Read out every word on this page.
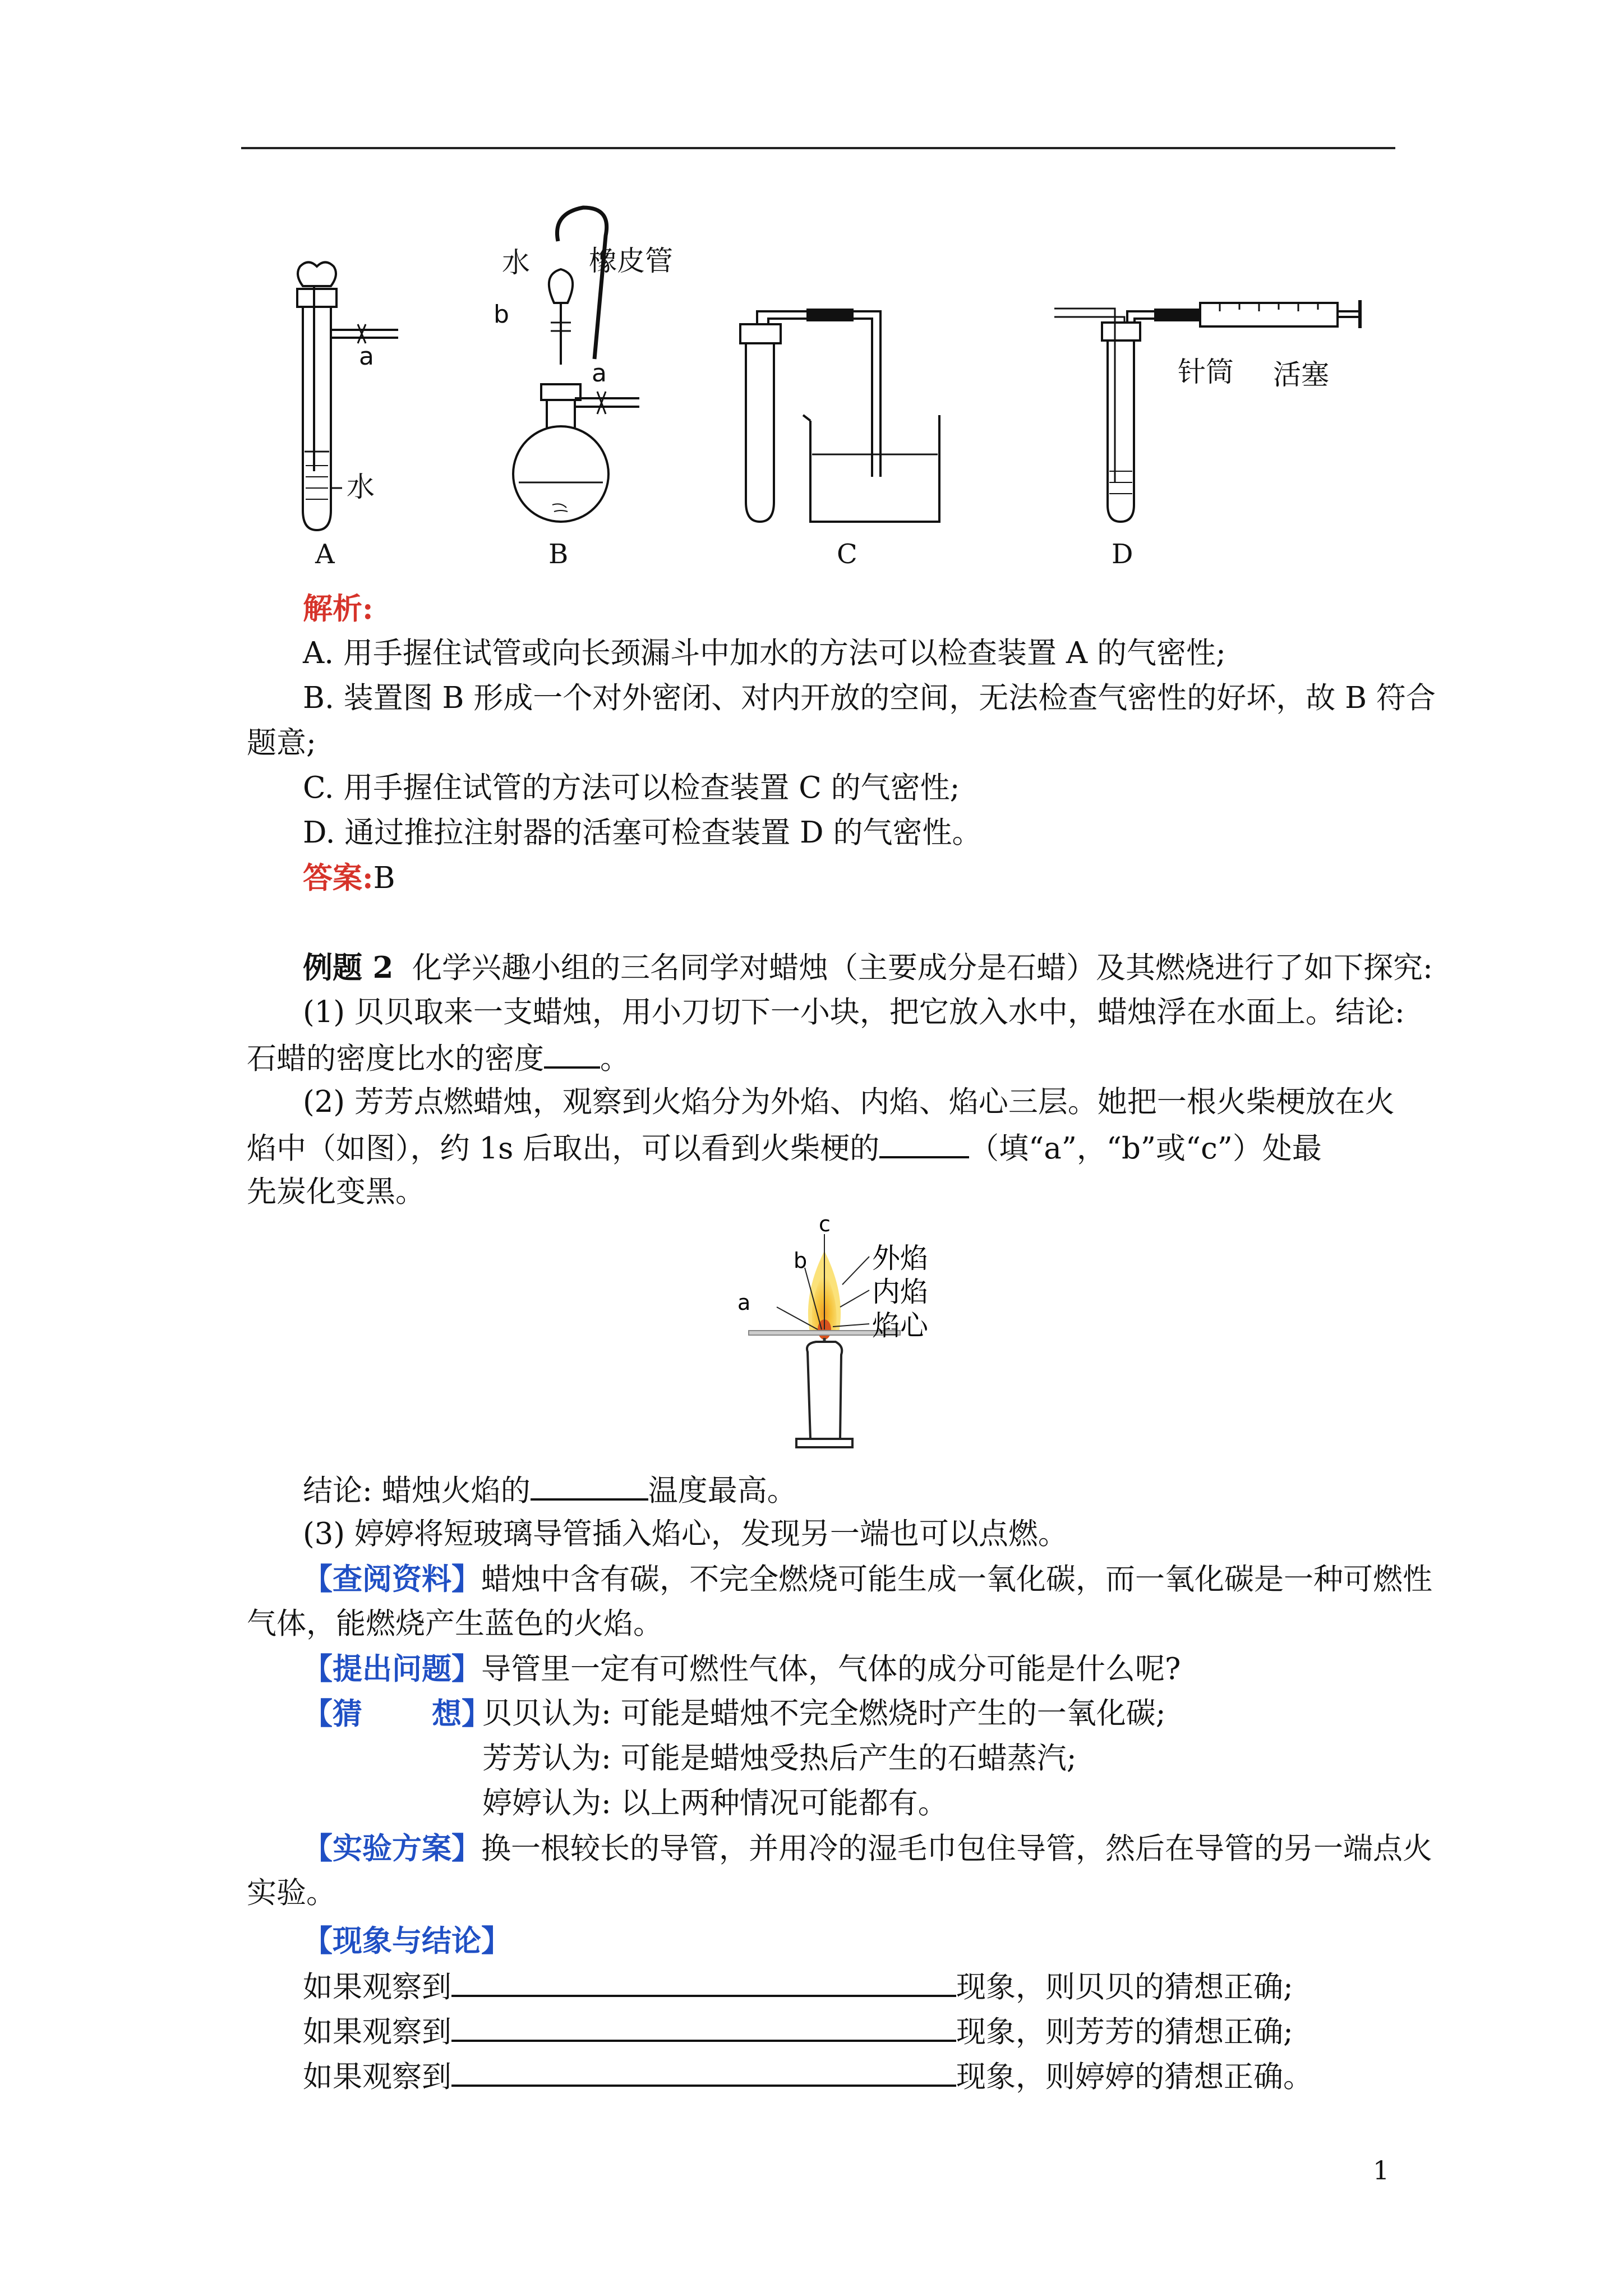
橡皮管
水
b
a
a
水
针筒 活塞
A	B	C	D
解析:
A. 用手握住试管或向长颈漏斗中加水的方法可以检查装置 A 的气密性;
B. 装置图 B 形成一个对外密闭、对内开放的空间，无法检查气密性的好坏，故 B 符合
题意;
C. 用手握住试管的方法可以检查装置 C 的气密性;
D. 通过推拉注射器的活塞可检查装置 D 的气密性。
答案:B
例题 2 化学兴趣小组的三名同学对蜡烛（主要成分是石蜡）及其燃烧进行了如下探究:
(1) 贝贝取来一支蜡烛，用小刀切下一小块，把它放入水中，蜡烛浮在水面上。结论:
石蜡的密度比水的密度 。
(2) 芳芳点燃蜡烛，观察到火焰分为外焰、内焰、焰心三层。她把一根火柴梗放在火
焰中（如图），约 1s 后取出，可以看到火柴梗的	（填“a”，“b”或“c”）处最
先炭化变黑。
a
b
c
外焰
内焰
焰心
结论: 蜡烛火焰的	温度最高。
(3) 婷婷将短玻璃导管插入焰心，发现另一端也可以点燃。
【查阅资料】蜡烛中含有碳，不完全燃烧可能生成一氧化碳，而一氧化碳是一种可燃性
气体，能燃烧产生蓝色的火焰。
【提出问题】导管里一定有可燃性气体，气体的成分可能是什么呢?
【猜 想】
贝贝认为: 可能是蜡烛不完全燃烧时产生的一氧化碳;
芳芳认为: 可能是蜡烛受热后产生的石蜡蒸汽;
婷婷认为: 以上两种情况可能都有。
【实验方案】换一根较长的导管，并用冷的湿毛巾包住导管，然后在导管的另一端点火
实验。
【现象与结论】
如果观察到	现象，则贝贝的猜想正确;
如果观察到	现象，则芳芳的猜想正确;
如果观察到	现象，则婷婷的猜想正确。
1
